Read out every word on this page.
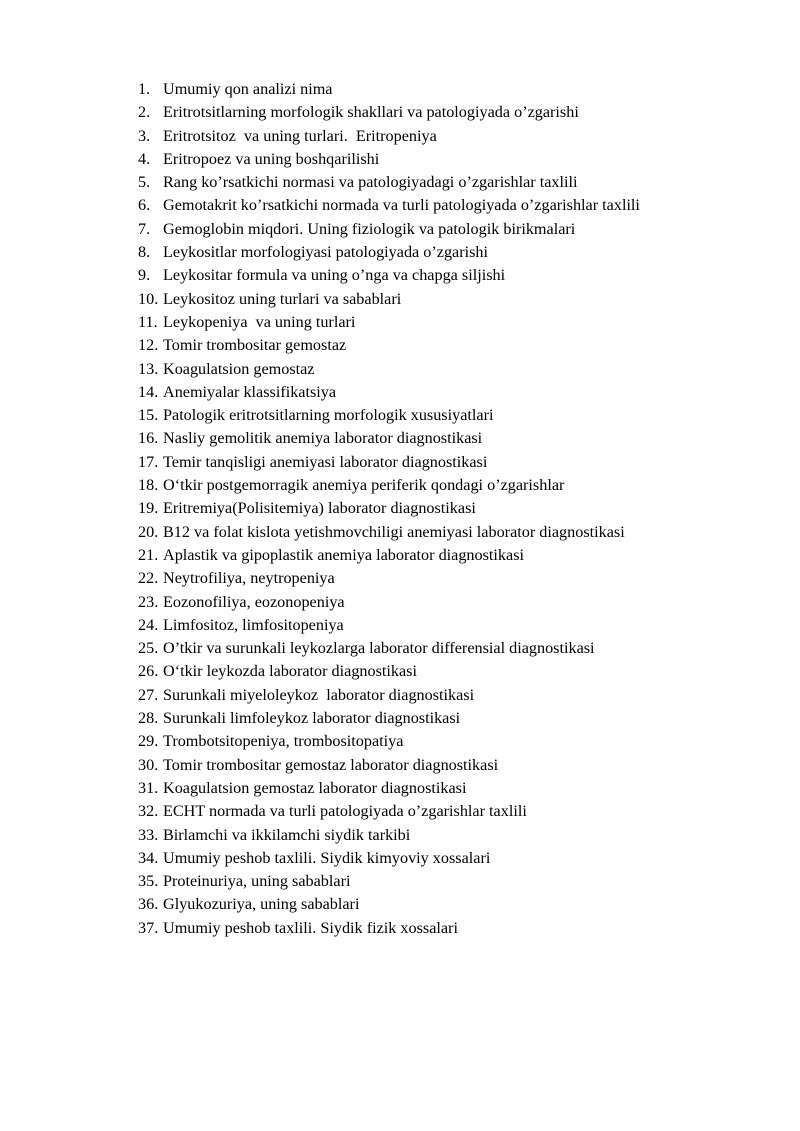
1. Umumiy qon analizi nima
2. Eritrotsitlarning morfologik shakllari va patologiyada o’zgarishi
3. Eritrotsitoz  va uning turlari.  Eritropeniya
4. Eritropoez va uning boshqarilishi
5. Rang ko’rsatkichi normasi va patologiyadagi o’zgarishlar taxlili
6. Gemotakrit ko’rsatkichi normada va turli patologiyada o’zgarishlar taxlili
7. Gemoglobin miqdori. Uning fiziologik va patologik birikmalari
8. Leykositlar morfologiyasi patologiyada o’zgarishi
9. Leykositar formula va uning o’nga va chapga siljishi
10. Leykositoz uning turlari va sabablari
11. Leykopeniya  va uning turlari
12. Tomir trombositar gemostaz
13. Koagulatsion gemostaz
14. Anemiyalar klassifikatsiya
15. Patologik eritrotsitlarning morfologik xususiyatlari
16. Nasliy gemolitik anemiya laborator diagnostikasi
17. Temir tanqisligi anemiyasi laborator diagnostikasi
18. O‘tkir postgemorragik anemiya periferik qondagi o’zgarishlar
19. Eritremiya(Polisitemiya) laborator diagnostikasi
20. B12 va folat kislota yetishmovchiligi anemiyasi laborator diagnostikasi
21. Aplastik va gipoplastik anemiya laborator diagnostikasi
22. Neytrofiliya, neytropeniya
23. Eozonofiliya, eozonopeniya
24. Limfositoz, limfositopeniya
25. O’tkir va surunkali leykozlarga laborator differensial diagnostikasi
26. O‘tkir leykozda laborator diagnostikasi
27. Surunkali miyeloleykoz  laborator diagnostikasi
28. Surunkali limfoleykoz laborator diagnostikasi
29. Trombotsitopeniya, trombositopatiya
30. Tomir trombositar gemostaz laborator diagnostikasi
31. Koagulatsion gemostaz laborator diagnostikasi
32. ECHT normada va turli patologiyada o’zgarishlar taxlili
33. Birlamchi va ikkilamchi siydik tarkibi
34. Umumiy peshob taxlili. Siydik kimyoviy xossalari
35. Proteinuriya, uning sabablari
36. Glyukozuriya, uning sabablari
37. Umumiy peshob taxlili. Siydik fizik xossalari
